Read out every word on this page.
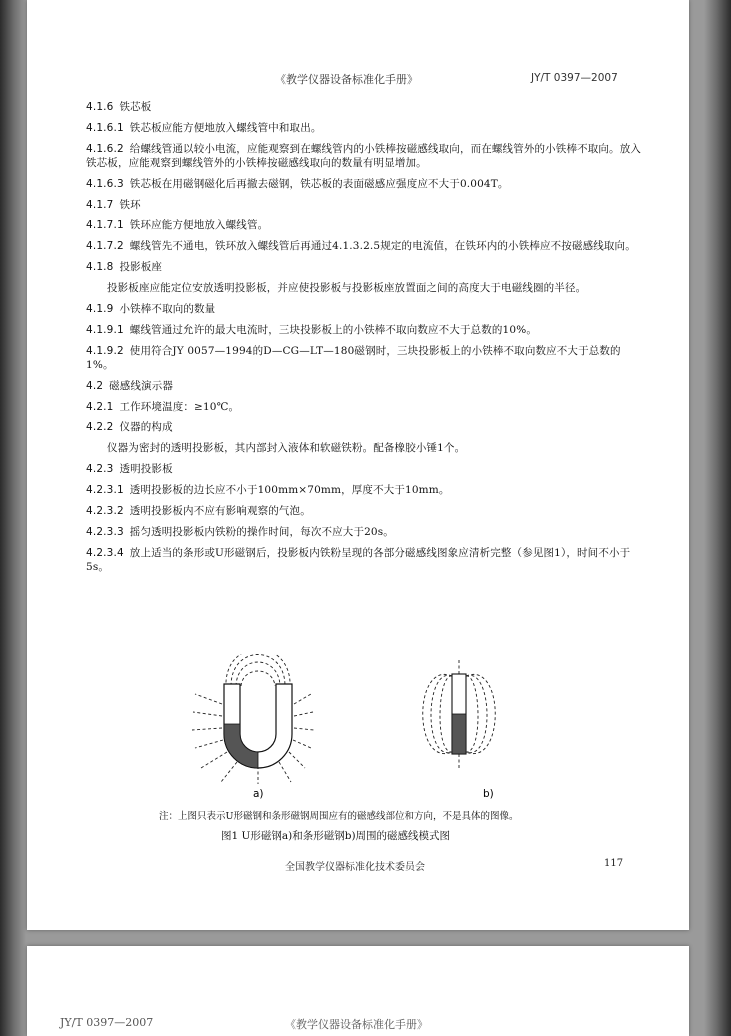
《教学仪器设备标准化手册》	JY/T 0397—2007
4.1.6 铁芯板
4.1.6.1 铁芯板应能方便地放入螺线管中和取出。
4.1.6.2 给螺线管通以较小电流，应能观察到在螺线管内的小铁棒按磁感线取向，而在螺线管外的小铁棒不取向。放入铁芯板，应能观察到螺线管外的小铁棒按磁感线取向的数量有明显增加。
4.1.6.3 铁芯板在用磁钢磁化后再撤去磁钢，铁芯板的表面磁感应强度应不大于0.004T。
4.1.7 铁环
4.1.7.1 铁环应能方便地放入螺线管。
4.1.7.2 螺线管先不通电，铁环放入螺线管后再通过4.1.3.2.5规定的电流值，在铁环内的小铁棒应不按磁感线取向。
4.1.8 投影板座
投影板座应能定位安放透明投影板，并应使投影板与投影板座放置面之间的高度大于电磁线圈的半径。
4.1.9 小铁棒不取向的数量
4.1.9.1 螺线管通过允许的最大电流时，三块投影板上的小铁棒不取向数应不大于总数的10%。
4.1.9.2 使用符合JY 0057—1994的D—CG—LT—180磁钢时，三块投影板上的小铁棒不取向数应不大于总数的1%。
4.2 磁感线演示器
4.2.1 工作环境温度：≥10℃。
4.2.2 仪器的构成
仪器为密封的透明投影板，其内部封入液体和软磁铁粉。配备橡胶小锤1个。
4.2.3 透明投影板
4.2.3.1 透明投影板的边长应不小于100mm×70mm，厚度不大于10mm。
4.2.3.2 透明投影板内不应有影响观察的气泡。
4.2.3.3 摇匀透明投影板内铁粉的操作时间，每次不应大于20s。
4.2.3.4 放上适当的条形或U形磁钢后，投影板内铁粉呈现的各部分磁感线图象应清析完整（参见图1），时间不小于5s。
a)	b)
注：上图只表示U形磁钢和条形磁钢周围应有的磁感线部位和方向，不是具体的图像。
图1 U形磁钢a)和条形磁钢b)周围的磁感线模式图
全国教学仪器标准化技术委员会	117
JY/T 0397—2007	《教学仪器设备标准化手册》
